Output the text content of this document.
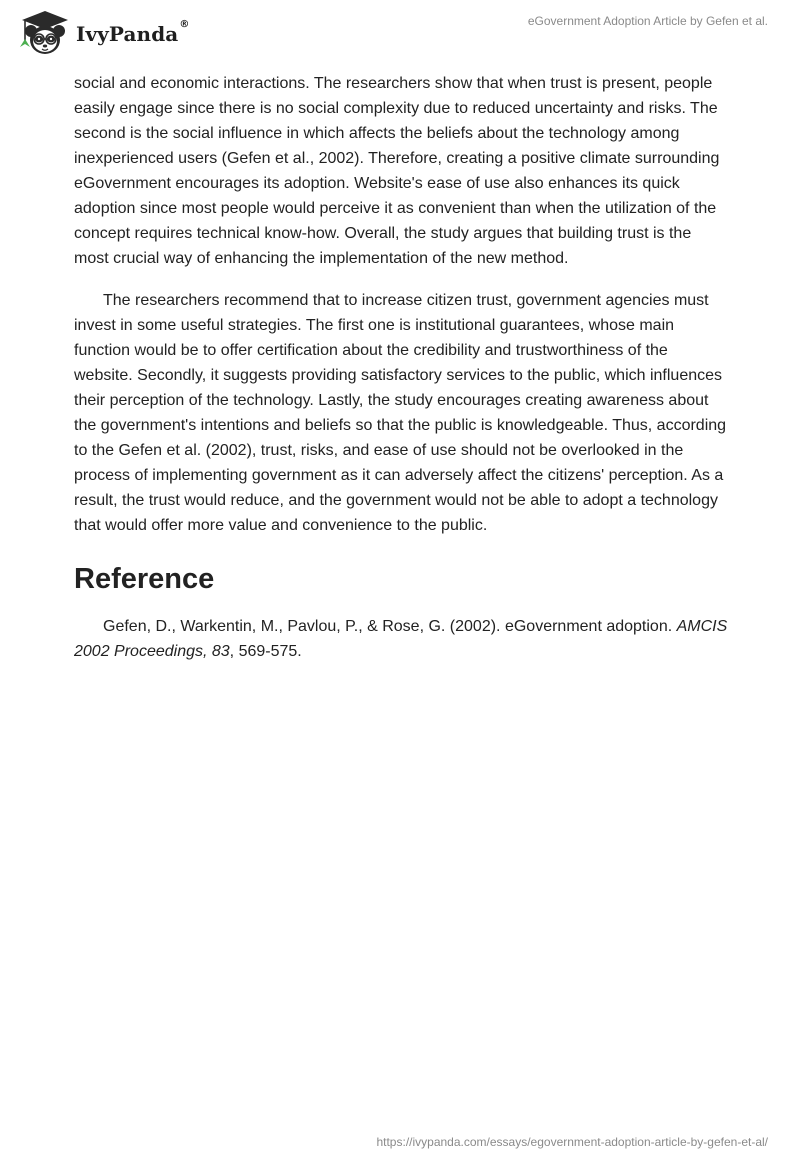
IvyPanda®	eGovernment Adoption Article by Gefen et al.

social and economic interactions. The researchers show that when trust is present, people easily engage since there is no social complexity due to reduced uncertainty and risks. The second is the social influence in which affects the beliefs about the technology among inexperienced users (Gefen et al., 2002). Therefore, creating a positive climate surrounding eGovernment encourages its adoption. Website's ease of use also enhances its quick adoption since most people would perceive it as convenient than when the utilization of the concept requires technical know-how. Overall, the study argues that building trust is the most crucial way of enhancing the implementation of the new method.

The researchers recommend that to increase citizen trust, government agencies must invest in some useful strategies. The first one is institutional guarantees, whose main function would be to offer certification about the credibility and trustworthiness of the website. Secondly, it suggests providing satisfactory services to the public, which influences their perception of the technology. Lastly, the study encourages creating awareness about the government's intentions and beliefs so that the public is knowledgeable. Thus, according to the Gefen et al. (2002), trust, risks, and ease of use should not be overlooked in the process of implementing government as it can adversely affect the citizens' perception. As a result, the trust would reduce, and the government would not be able to adopt a technology that would offer more value and convenience to the public.

Reference

Gefen, D., Warkentin, M., Pavlou, P., & Rose, G. (2002). eGovernment adoption. AMCIS 2002 Proceedings, 83, 569-575.

https://ivypanda.com/essays/egovernment-adoption-article-by-gefen-et-al/
